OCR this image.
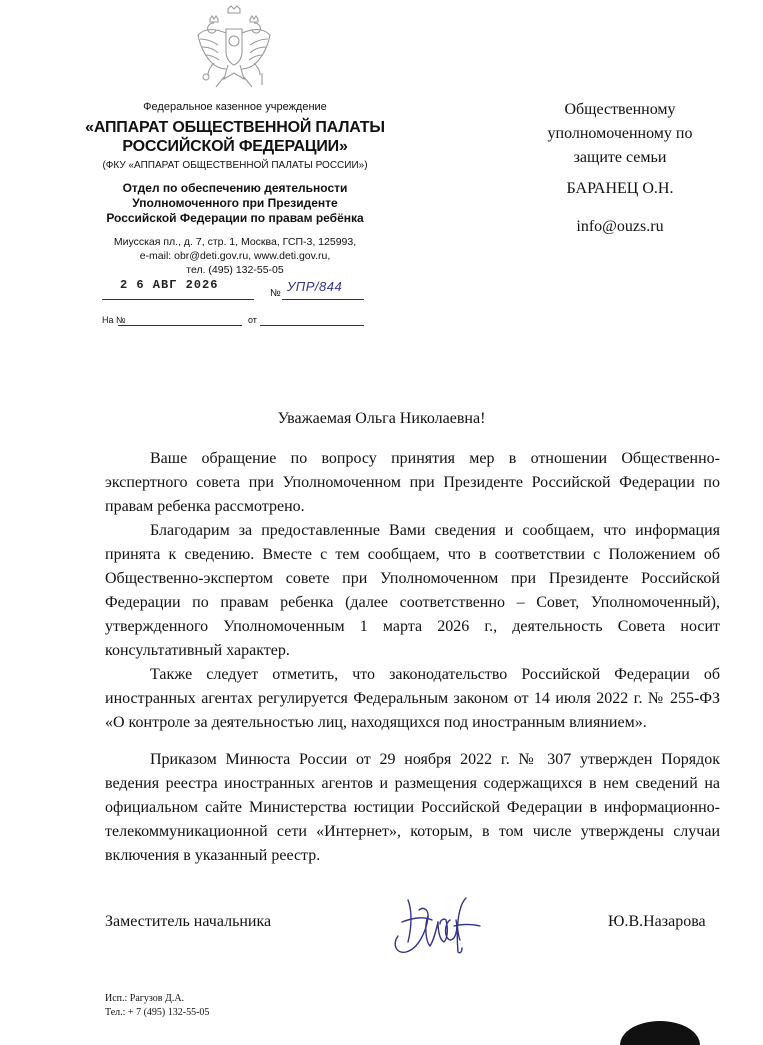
Федеральное казенное учреждение
«АППАРАТ ОБЩЕСТВЕННОЙ ПАЛАТЫ
РОССИЙСКОЙ ФЕДЕРАЦИИ»
(ФКУ «АППАРАТ ОБЩЕСТВЕННОЙ ПАЛАТЫ РОССИИ»)
Отдел по обеспечению деятельности
Уполномоченного при Президенте
Российской Федерации по правам ребёнка
Миусская пл., д. 7, стр. 1, Москва, ГСП-3, 125993,
e-mail: obr@deti.gov.ru, www.deti.gov.ru,
тел. (495) 132-55-05
2 6 АВГ 2026
№ УПР/844
На №	от
Общественному
уполномоченному по
защите семьи
БАРАНЕЦ О.Н.
info@ouzs.ru
Уважаемая Ольга Николаевна!

Ваше обращение по вопросу принятия мер в отношении Общественно-экспертного совета при Уполномоченном при Президенте Российской Федерации по правам ребенка рассмотрено.

Благодарим за предоставленные Вами сведения и сообщаем, что информация принята к сведению. Вместе с тем сообщаем, что в соответствии с Положением об Общественно-экспертом совете при Уполномоченном при Президенте Российской Федерации по правам ребенка (далее соответственно – Совет, Уполномоченный), утвержденного Уполномоченным 1 марта 2026 г., деятельность Совета носит консультативный характер.

Также следует отметить, что законодательство Российской Федерации об иностранных агентах регулируется Федеральным законом от 14 июля 2022 г. № 255-ФЗ «О контроле за деятельностью лиц, находящихся под иностранным влиянием».

Приказом Минюста России от 29 ноября 2022 г. № 307 утвержден Порядок ведения реестра иностранных агентов и размещения содержащихся в нем сведений на официальном сайте Министерства юстиции Российской Федерации в информационно-телекоммуникационной сети «Интернет», которым, в том числе утверждены случаи включения в указанный реестр.

Заместитель начальника	Ю.В.Назарова
Исп.: Рагузов Д.А.
Тел.: + 7 (495) 132-55-05
